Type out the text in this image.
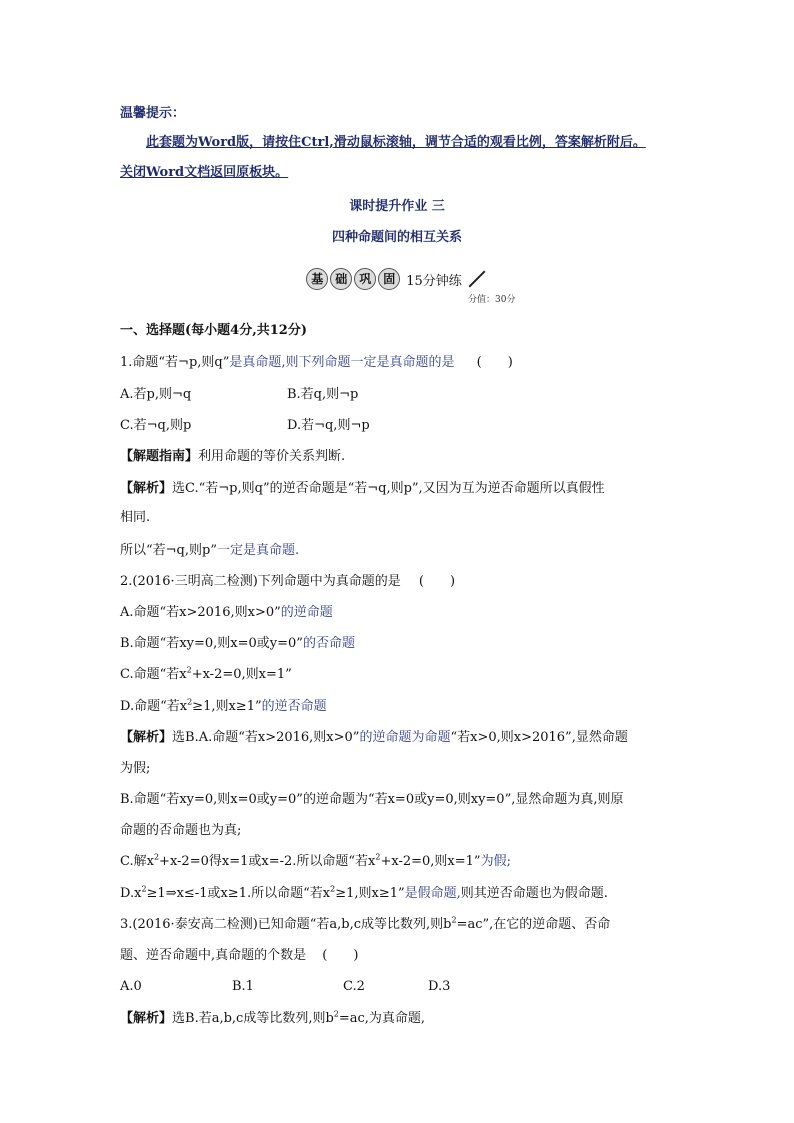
温馨提示：
此套题为Word版，请按住Ctrl,滑动鼠标滚轴，调节合适的观看比例，答案解析附后。
关闭Word文档返回原板块。
课时提升作业 三
四种命题间的相互关系
基 础 巩 固 15分钟练
分值：30分
一、选择题(每小题4分,共12分)
1.命题“若¬p,则q”是真命题,则下列命题一定是真命题的是 (　　)
A.若p,则¬q	B.若q,则¬p
C.若¬q,则p	D.若¬q,则¬p
【解题指南】利用命题的等价关系判断.
【解析】选C.“若¬p,则q”的逆否命题是“若¬q,则p”,又因为互为逆否命题所以真假性
相同.
所以“若¬q,则p”一定是真命题.
2.(2016·三明高二检测)下列命题中为真命题的是 (　　)
A.命题“若x>2016,则x>0”的逆命题
B.命题“若xy=0,则x=0或y=0”的否命题
C.命题“若$x^2+x-2=0$,则x=1”
D.命题“若$x^2\ge 1$,则x≥1”的逆否命题
【解析】选B.A.命题“若x>2016,则x>0”的逆命题为命题“若x>0,则x>2016”,显然命题
为假;
B.命题“若xy=0,则x=0或y=0”的逆命题为“若x=0或y=0,则xy=0”,显然命题为真,则原
命题的否命题也为真;
C.解$x^2+x-2=0$得x=1或x=-2.所以命题“若$x^2+x-2=0$,则x=1”为假;
$D.x^2\ge 1\Rightarrow x\le-1$或x≥1.所以命题“若$x^2\ge 1$,则x≥1”是假命题,则其逆否命题也为假命题.
3.(2016·泰安高二检测)已知命题“若a,b,c成等比数列,则$b^2=ac$”,在它的逆命题、否命
题、逆否命题中,真命题的个数是 (　　)
A.0	B.1	C.2	D.3
【解析】选B.若a,b,c成等比数列,则$b^2=ac$,为真命题,
